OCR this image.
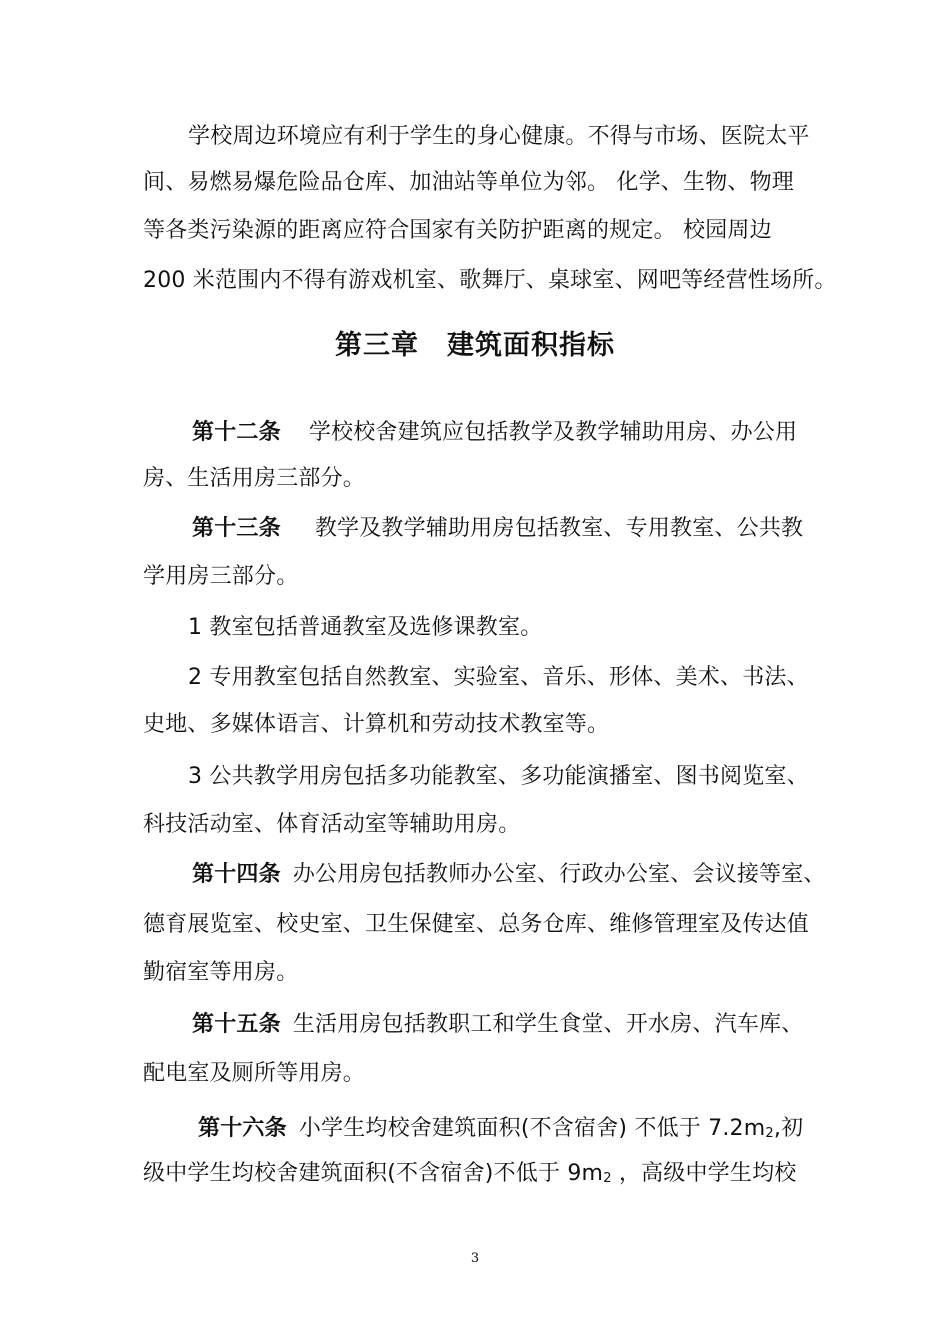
学校周边环境应有利于学生的身心健康。不得与市场、医院太平
间、易燃易爆危险品仓库、加油站等单位为邻。 化学、生物、物理
等各类污染源的距离应符合国家有关防护距离的规定。 校园周边
200 米范围内不得有游戏机室、歌舞厅、桌球室、网吧等经营性场所。
第三章 建筑面积指标
第十二条 学校校舍建筑应包括教学及教学辅助用房、办公用
房、生活用房三部分。
第十三条 教学及教学辅助用房包括教室、专用教室、公共教
学用房三部分。
1 教室包括普通教室及选修课教室。
2 专用教室包括自然教室、实验室、音乐、形体、美术、书法、
史地、多媒体语言、计算机和劳动技术教室等。
3 公共教学用房包括多功能教室、多功能演播室、图书阅览室、
科技活动室、体育活动室等辅助用房。
第十四条 办公用房包括教师办公室、行政办公室、会议接等室、
德育展览室、校史室、卫生保健室、总务仓库、维修管理室及传达值
勤宿室等用房。
第十五条 生活用房包括教职工和学生食堂、开水房、汽车库、
配电室及厕所等用房。
第十六条 小学生均校舍建筑面积(不含宿舍) 不低于 $7.2m_2$,初
级中学生均校舍建筑面积(不含宿舍)不低于 $9m_2$ ，高级中学生均校
3
